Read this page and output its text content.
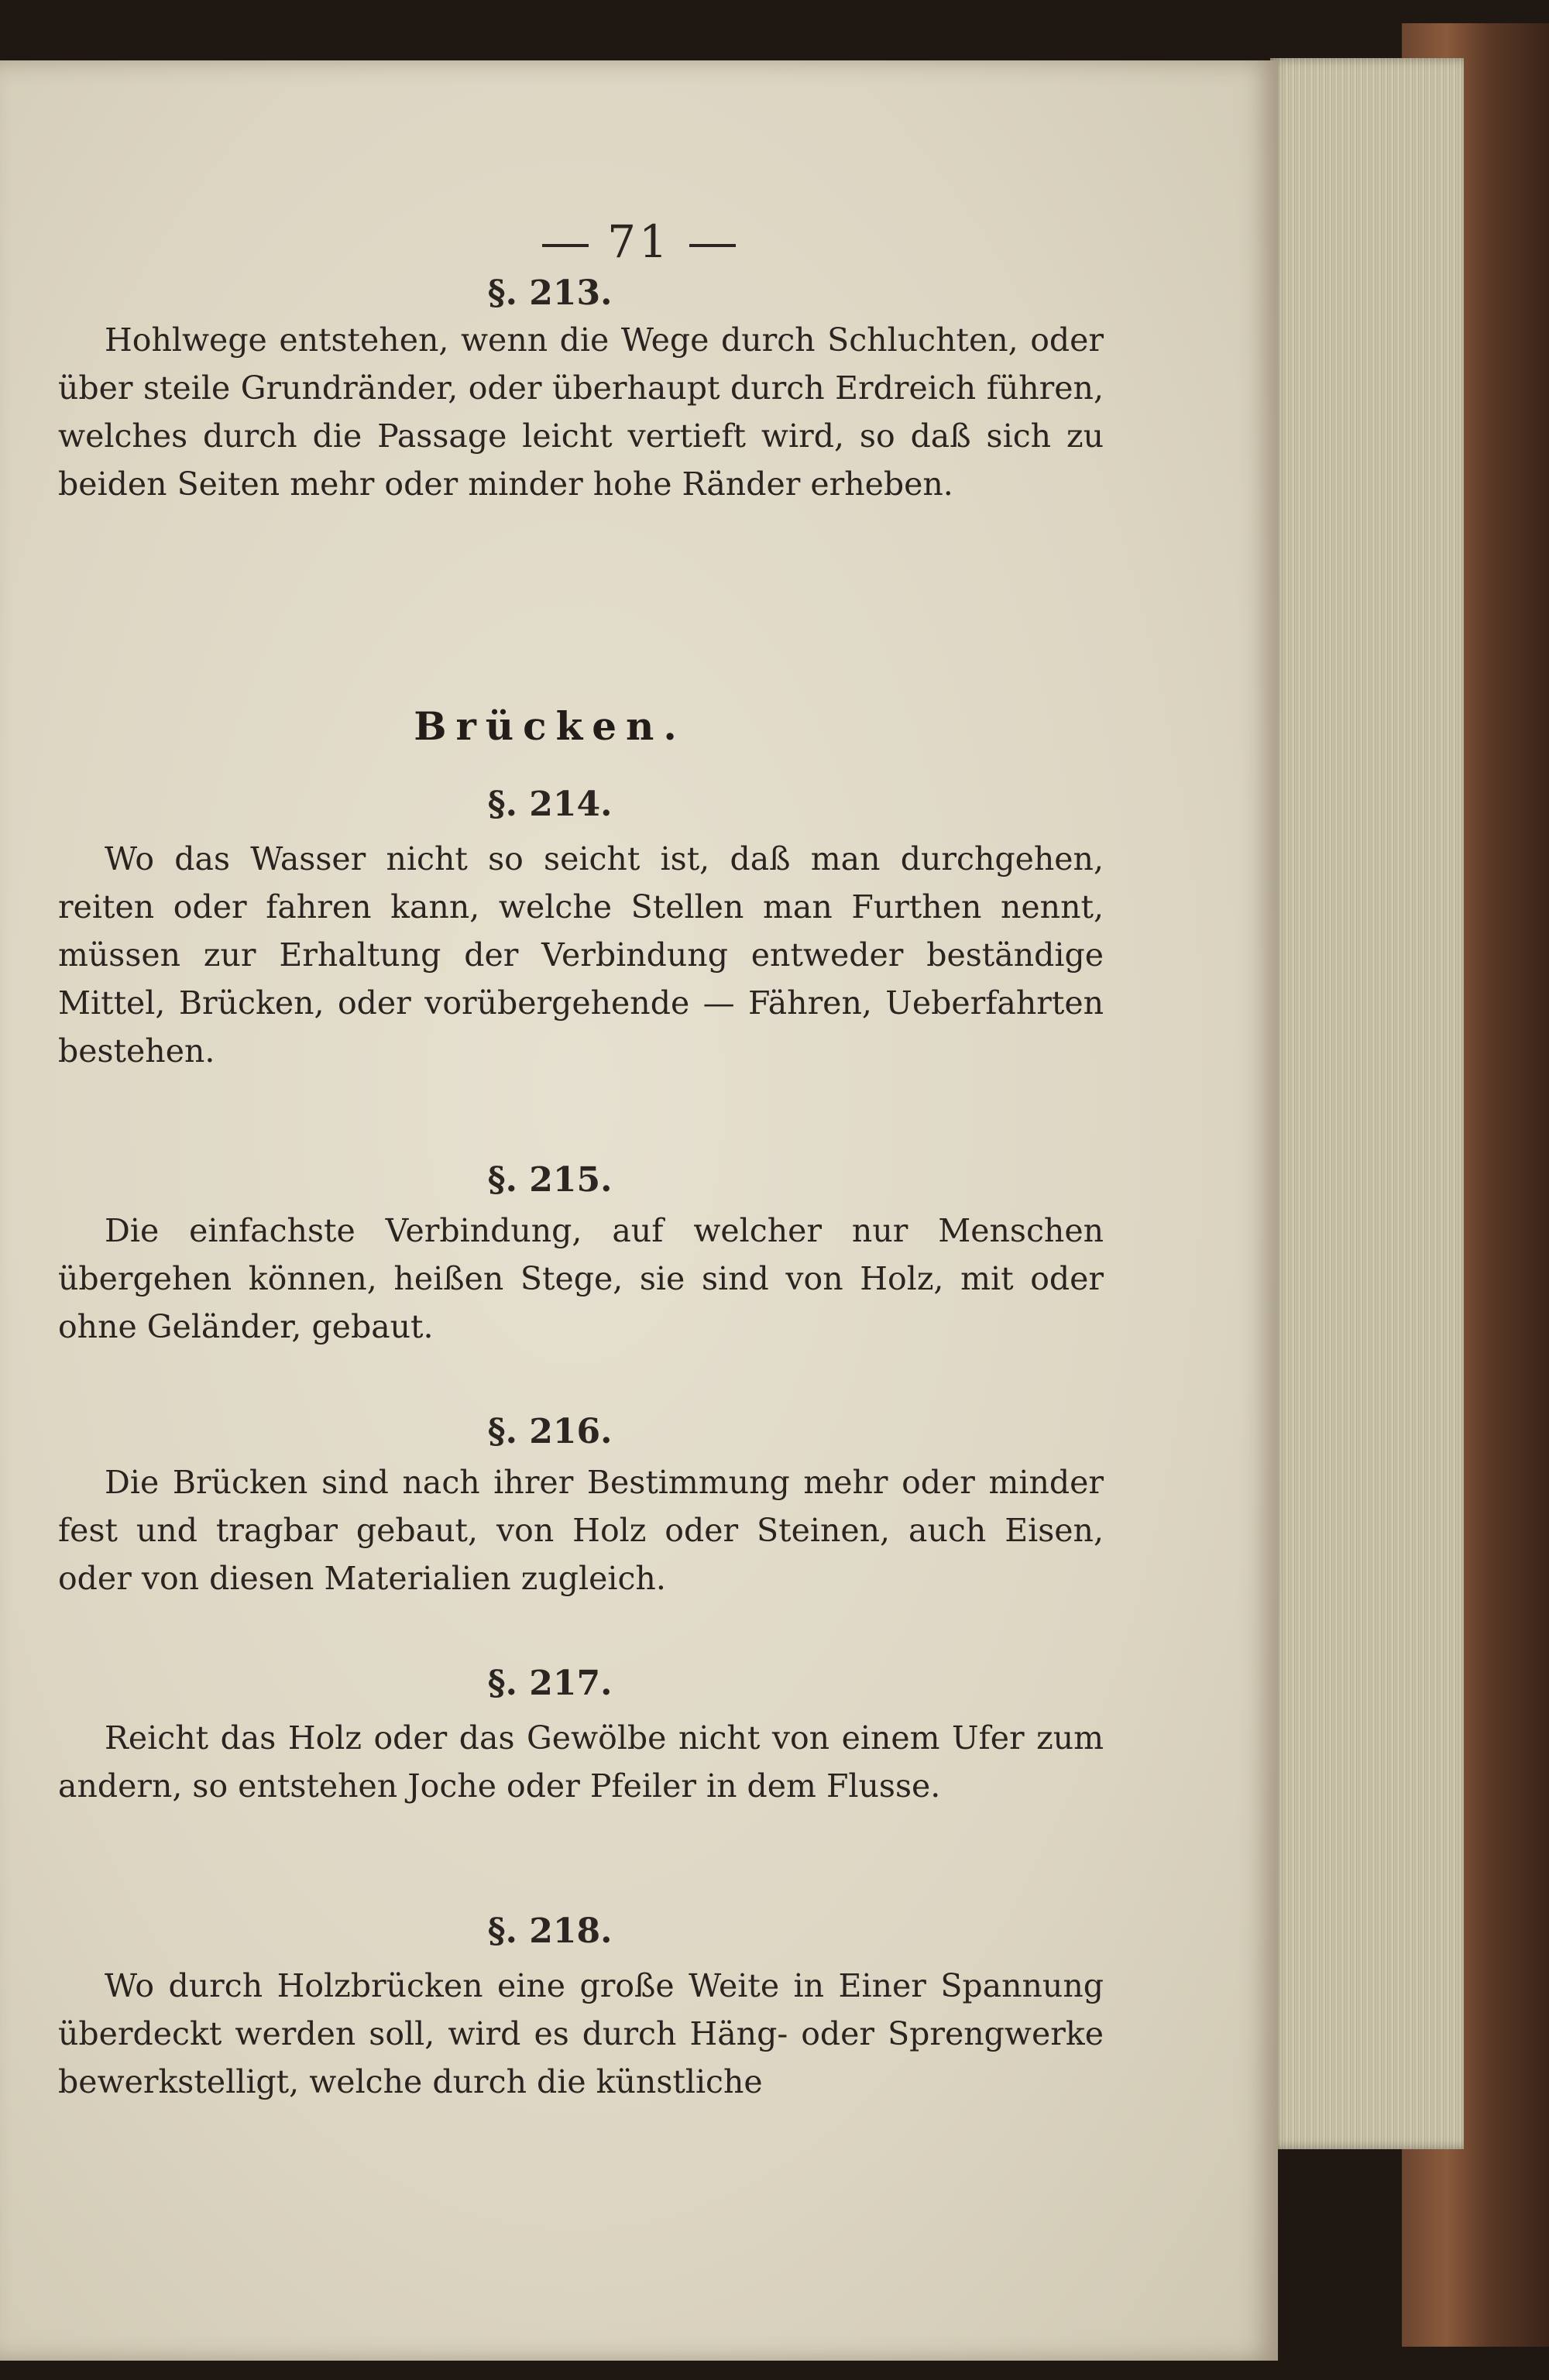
71
§. 213.
Hohlwege entstehen, wenn die Wege durch Schluchten, oder über steile Grundränder, oder überhaupt durch Erdreich führen, welches durch die Passage leicht vertieft wird, so daß sich zu beiden Seiten mehr oder minder hohe Ränder erheben.
Brücken.
§. 214.
Wo das Wasser nicht so seicht ist, daß man durchgehen, reiten oder fahren kann, welche Stellen man Furthen nennt, müssen zur Erhaltung der Verbindung entweder beständige Mittel, Brücken, oder vorübergehende — Fähren, Ueberfahrten bestehen.
§. 215.
Die einfachste Verbindung, auf welcher nur Menschen übergehen können, heißen Stege, sie sind von Holz, mit oder ohne Geländer, gebaut.
§. 216.
Die Brücken sind nach ihrer Bestimmung mehr oder minder fest und tragbar gebaut, von Holz oder Steinen, auch Eisen, oder von diesen Materialien zugleich.
§. 217.
Reicht das Holz oder das Gewölbe nicht von einem Ufer zum andern, so entstehen Joche oder Pfeiler in dem Flusse.
§. 218.
Wo durch Holzbrücken eine große Weite in Einer Spannung überdeckt werden soll, wird es durch Häng- oder Sprengwerke bewerkstelligt, welche durch die künstliche
